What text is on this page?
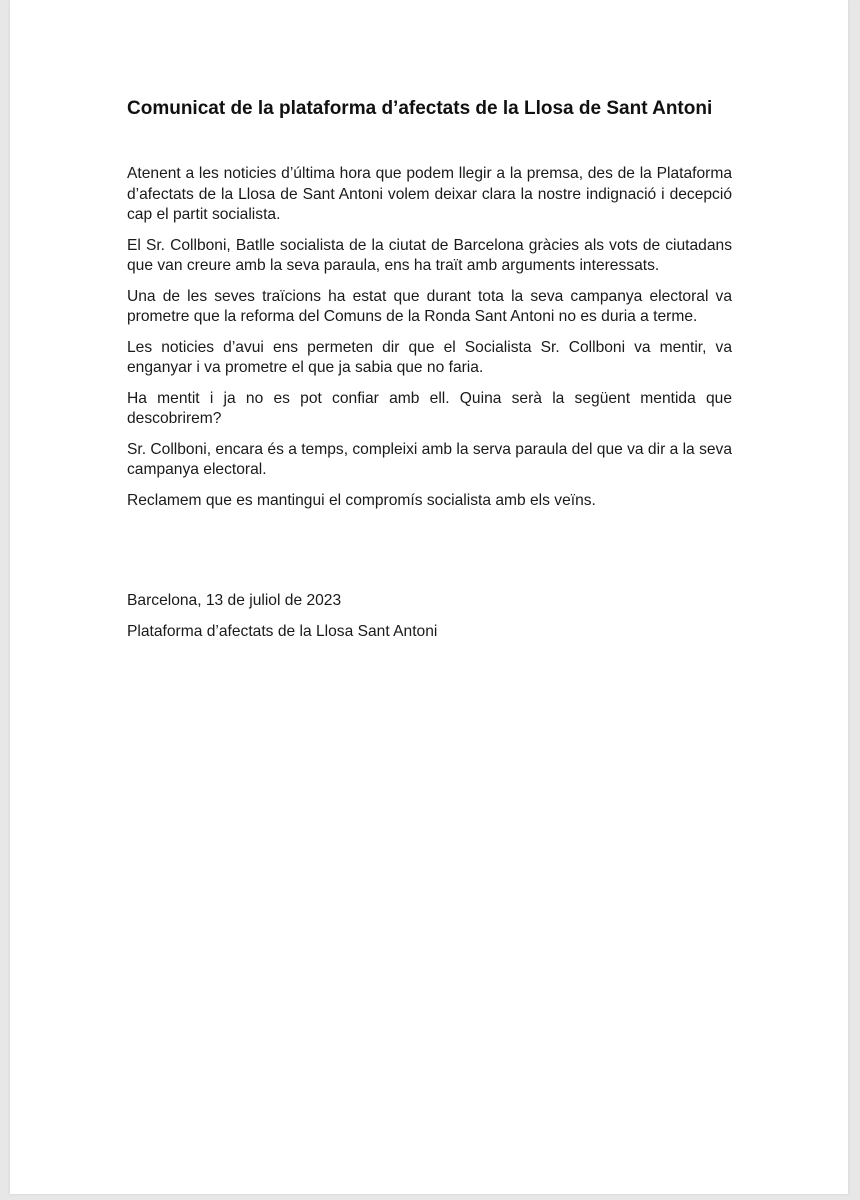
Comunicat de la plataforma d’afectats de la Llosa de Sant Antoni

Atenent a les noticies d’última hora que podem llegir a la premsa, des de la Plataforma d’afectats de la Llosa de Sant Antoni volem deixar clara la nostre indignació i decepció cap el partit socialista.

El Sr. Collboni, Batlle socialista de la ciutat de Barcelona gràcies als vots de ciutadans que van creure amb la seva paraula, ens ha traït amb arguments interessats.

Una de les seves traïcions ha estat que durant tota la seva campanya electoral va prometre que la reforma del Comuns de la Ronda Sant Antoni no es duria a terme.

Les noticies d’avui ens permeten dir que el Socialista Sr. Collboni va mentir, va enganyar i va prometre el que ja sabia que no faria.

Ha mentit i ja no es pot confiar amb ell. Quina serà la següent mentida que descobrirem?

Sr. Collboni, encara és a temps, compleixi amb la serva paraula del que va dir a la seva campanya electoral.

Reclamem que es mantingui el compromís socialista amb els veïns.

Barcelona, 13 de juliol de 2023

Plataforma d’afectats de la Llosa Sant Antoni
